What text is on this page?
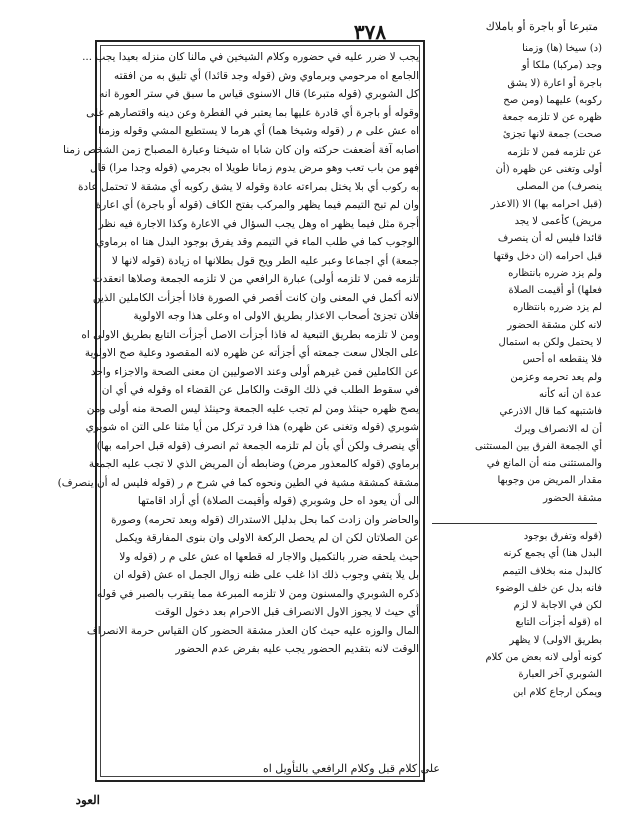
٣٧٨	متبرعا أو باجرة أو باملاك
يجب لا ضرر عليه في حضوره وكلام الشيخين في مالنا كان منزله بعيدا يجب ...
الجامع اه مرحومي وبرماوي وش (قوله وجد قائدا) أي تليق به من افقته
كل الشوبري (قوله متبرعا) قال الاسنوى قياس ما سبق في ستر العورة انه
وقوله أو باجرة أي قادرة عليها بما يعتبر في الفطرة وعن دينه واقتصارهم على
اه عش على م ر (قوله وشيخا هما) أي هرما لا يستطيع المشي وقوله وزمنا
اصابه آفة أضعفت حركته وان كان شابا اه شيخنا وعبارة المصباح زمن الشخص زمنا
فهو من باب تعب وهو مرض يدوم زمانا طويلا اه بجرمي (قوله وجدا مرا) قال
به ركوب أي بلا يختل بمراءته عادة وقوله لا يشق ركوبه أي مشقة لا تحتمل عادة
وان لم تبح التيمم فيما يظهر والمركب بفتح الكاف (قوله أو باجرة) أي اعارة
أجرة مثل فيما يظهر اه وهل يجب السؤال في الاعارة وكذا الاجارة فيه نظر
الوجوب كما في طلب الماء في التيمم وقد يفرق بوجود البدل هنا اه برماوي
جمعة) أي اجماعا وعبر عليه الطر ويح قول بطلانها اه زيادة (قوله لانها لا
تلزمه فمن لا تلزمه أولى) عبارة الرافعي من لا تلزمه الجمعة وصلاها انعقدت
لانه أكمل في المعنى وان كانت أقصر في الصورة فاذا أجزأت الكاملين الذين
فلان تجزئ أصحاب الاعذار بطريق الاولى اه وعلى هذا وجه الاولوية
ومن لا تلزمه بطريق التبعية له فاذا أجزأت الاصل أجزأت التابع بطريق الاولى اه
على الجلال سعت جمعته أي أجزأته عن ظهره لانه المقصود وعلية صح الاولوية
عن الكاملين فمن غيرهم أولى وعند الاصوليين ان معنى الصحة والاجزاء واحد
في سقوط الطلب في ذلك الوقت والكامل عن القضاء اه وقوله في أي ان
يصح ظهره حينئذ ومن لم تجب عليه الجمعة وحينئذ ليس الصحة منه أولى ومن
شوبري (قوله وتغنى عن ظهره) هذا فرد تركل من أيا مثنا على التن اه شوبري
أي ينصرف ولكن أي بأن لم تلزمه الجمعة ثم انصرف (قوله قبل احرامه بها)
برماوي (قوله كالمعذور مرض) وضابطه أن المريض الذي لا تجب عليه الجمعة
مشقة كمشقة مشية في الطين ونحوه كما في شرح م ر (قوله فليس له أن ينصرف)
الى أن يعود اه حل وشوبري (قوله وأقيمت الصلاة) أي أراد اقامتها
والحاضر وان زادت كما بحل بدليل الاستدراك (قوله وبعد تحرمه) وصورة
عن الصلاتان لكن ان لم يحصل الركعة الاولى وان بنوى المفارقة ويكمل
حيث يلحقه ضرر بالتكميل والاجار له قطعها اه عش على م ر (قوله ولا
بل يلا يتفي وجوب ذلك اذا غلب على ظنه زوال الجمل اه عش (قوله ان
ذكره الشوبري والمسنون ومن لا تلزمه المبرعة مما يتقرب بالصبر في قوله
أي حيث لا يجوز الاول الانصراف قبل الاحرام بعد دخول الوقت
المال والوزه عليه حيث كان العذر مشقة الحضور كان القياس حرمة الانصراف
الوقت لانه بتقديم الحضور يجب عليه بفرض عدم الحضور
(د) سيخا (ها) وزمنا
وجد (مركبا) ملكا أو
باجرة أو اعارة (لا يشق
ركوبه) عليهما (ومن صح
ظهره عن لا تلزمه جمعة
صحت) جمعة لانها تجزئ
عن تلزمه فمن لا تلزمه
أولى وتغنى عن ظهره (أن
ينصرف) من المصلى
(قبل احرامه بها) الا (الاعذر
مريض) كأعمى لا يجد
قائدا فليس له أن ينصرف
قبل احرامه (ان دخل وقتها
ولم يزد ضرره بانتظاره
فعلها) أو أقيمت الصلاة
لم يزد ضرره بانتظاره
لانه كلن مشقة الحضور
لا يحتمل ولكن به استمال
فلا ينقطعه اه أحس
ولم يعد تحرمه وعزمن
عدة ان أنه كأنه
فاشتبهه كما قال الاذرعي
أن له الانصراف ويرك
أي الجمعة الفرق بين المستثنى
والمستثنى منه أن المانع في
مقدار المريض من وجوبها
مشقة الحضور
(قوله وتفرق بوجود
البدل هنا) أي يجمع كرنه
كالبدل منه بخلاف التيمم
فانه بدل عن خلف الوضوء
لكن في الاجابة لا لزم
اه (قوله أجزأت التابع
بطريق الاولى) لا يظهر
كونه أولى لانه بعض من كلام
الشوبري آخر العبارة
ويمكن ارجاع كلام ابن
على كلام قبل وكلام الرافعي بالتأويل اه
العود
